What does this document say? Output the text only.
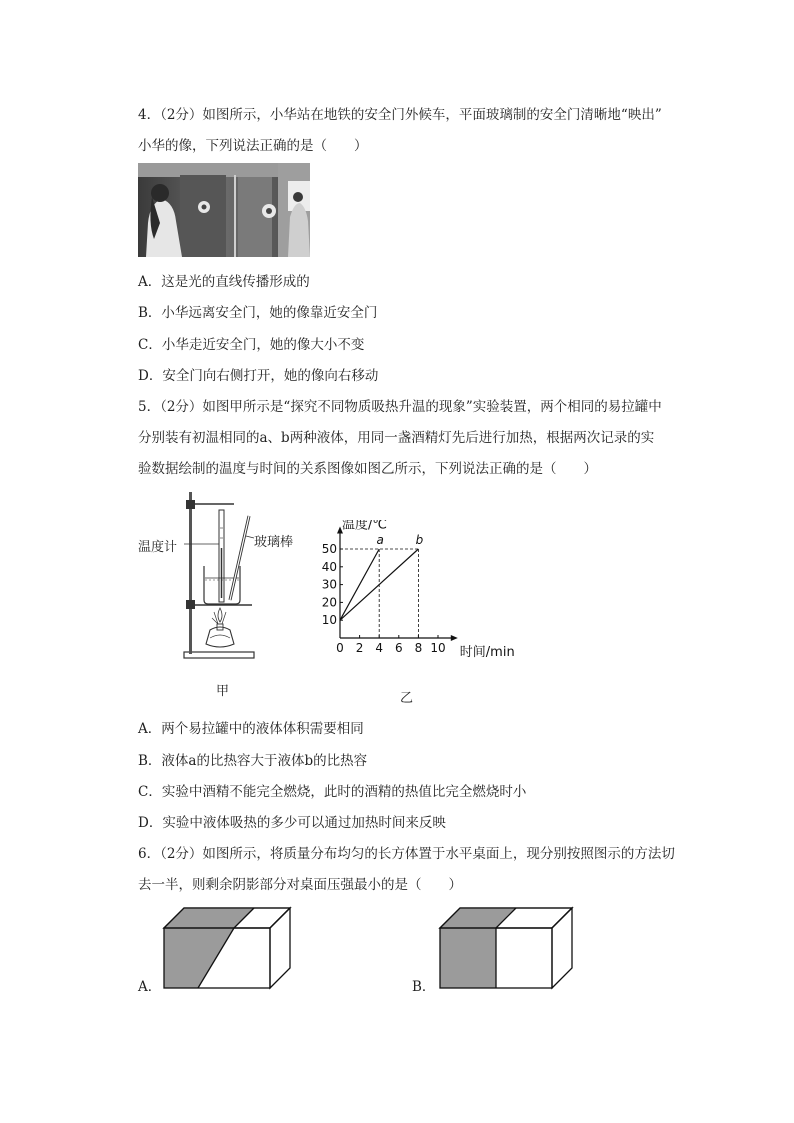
4．（2分）如图所示，小华站在地铁的安全门外候车，平面玻璃制的安全门清晰地“映出”
小华的像，下列说法正确的是（　　）
A．这是光的直线传播形成的
B．小华远离安全门，她的像靠近安全门
C．小华走近安全门，她的像大小不变
D．安全门向右侧打开，她的像向右移动
5．（2分）如图甲所示是“探究不同物质吸热升温的现象”实验装置，两个相同的易拉罐中
分别装有初温相同的a、b两种液体，用同一盏酒精灯先后进行加热，根据两次记录的实
验数据绘制的温度与时间的关系图像如图乙所示，下列说法正确的是（　　）
温度计	玻璃棒
甲
10
20
30
40
50
0 2 4 6 8 10
a	b
温度/℃
时间/min
乙
A．两个易拉罐中的液体体积需要相同
B．液体a的比热容大于液体b的比热容
C．实验中酒精不能完全燃烧，此时的酒精的热值比完全燃烧时小
D．实验中液体吸热的多少可以通过加热时间来反映
6．（2分）如图所示，将质量分布均匀的长方体置于水平桌面上，现分别按照图示的方法切
去一半，则剩余阴影部分对桌面压强最小的是（　　）
A．	B．
